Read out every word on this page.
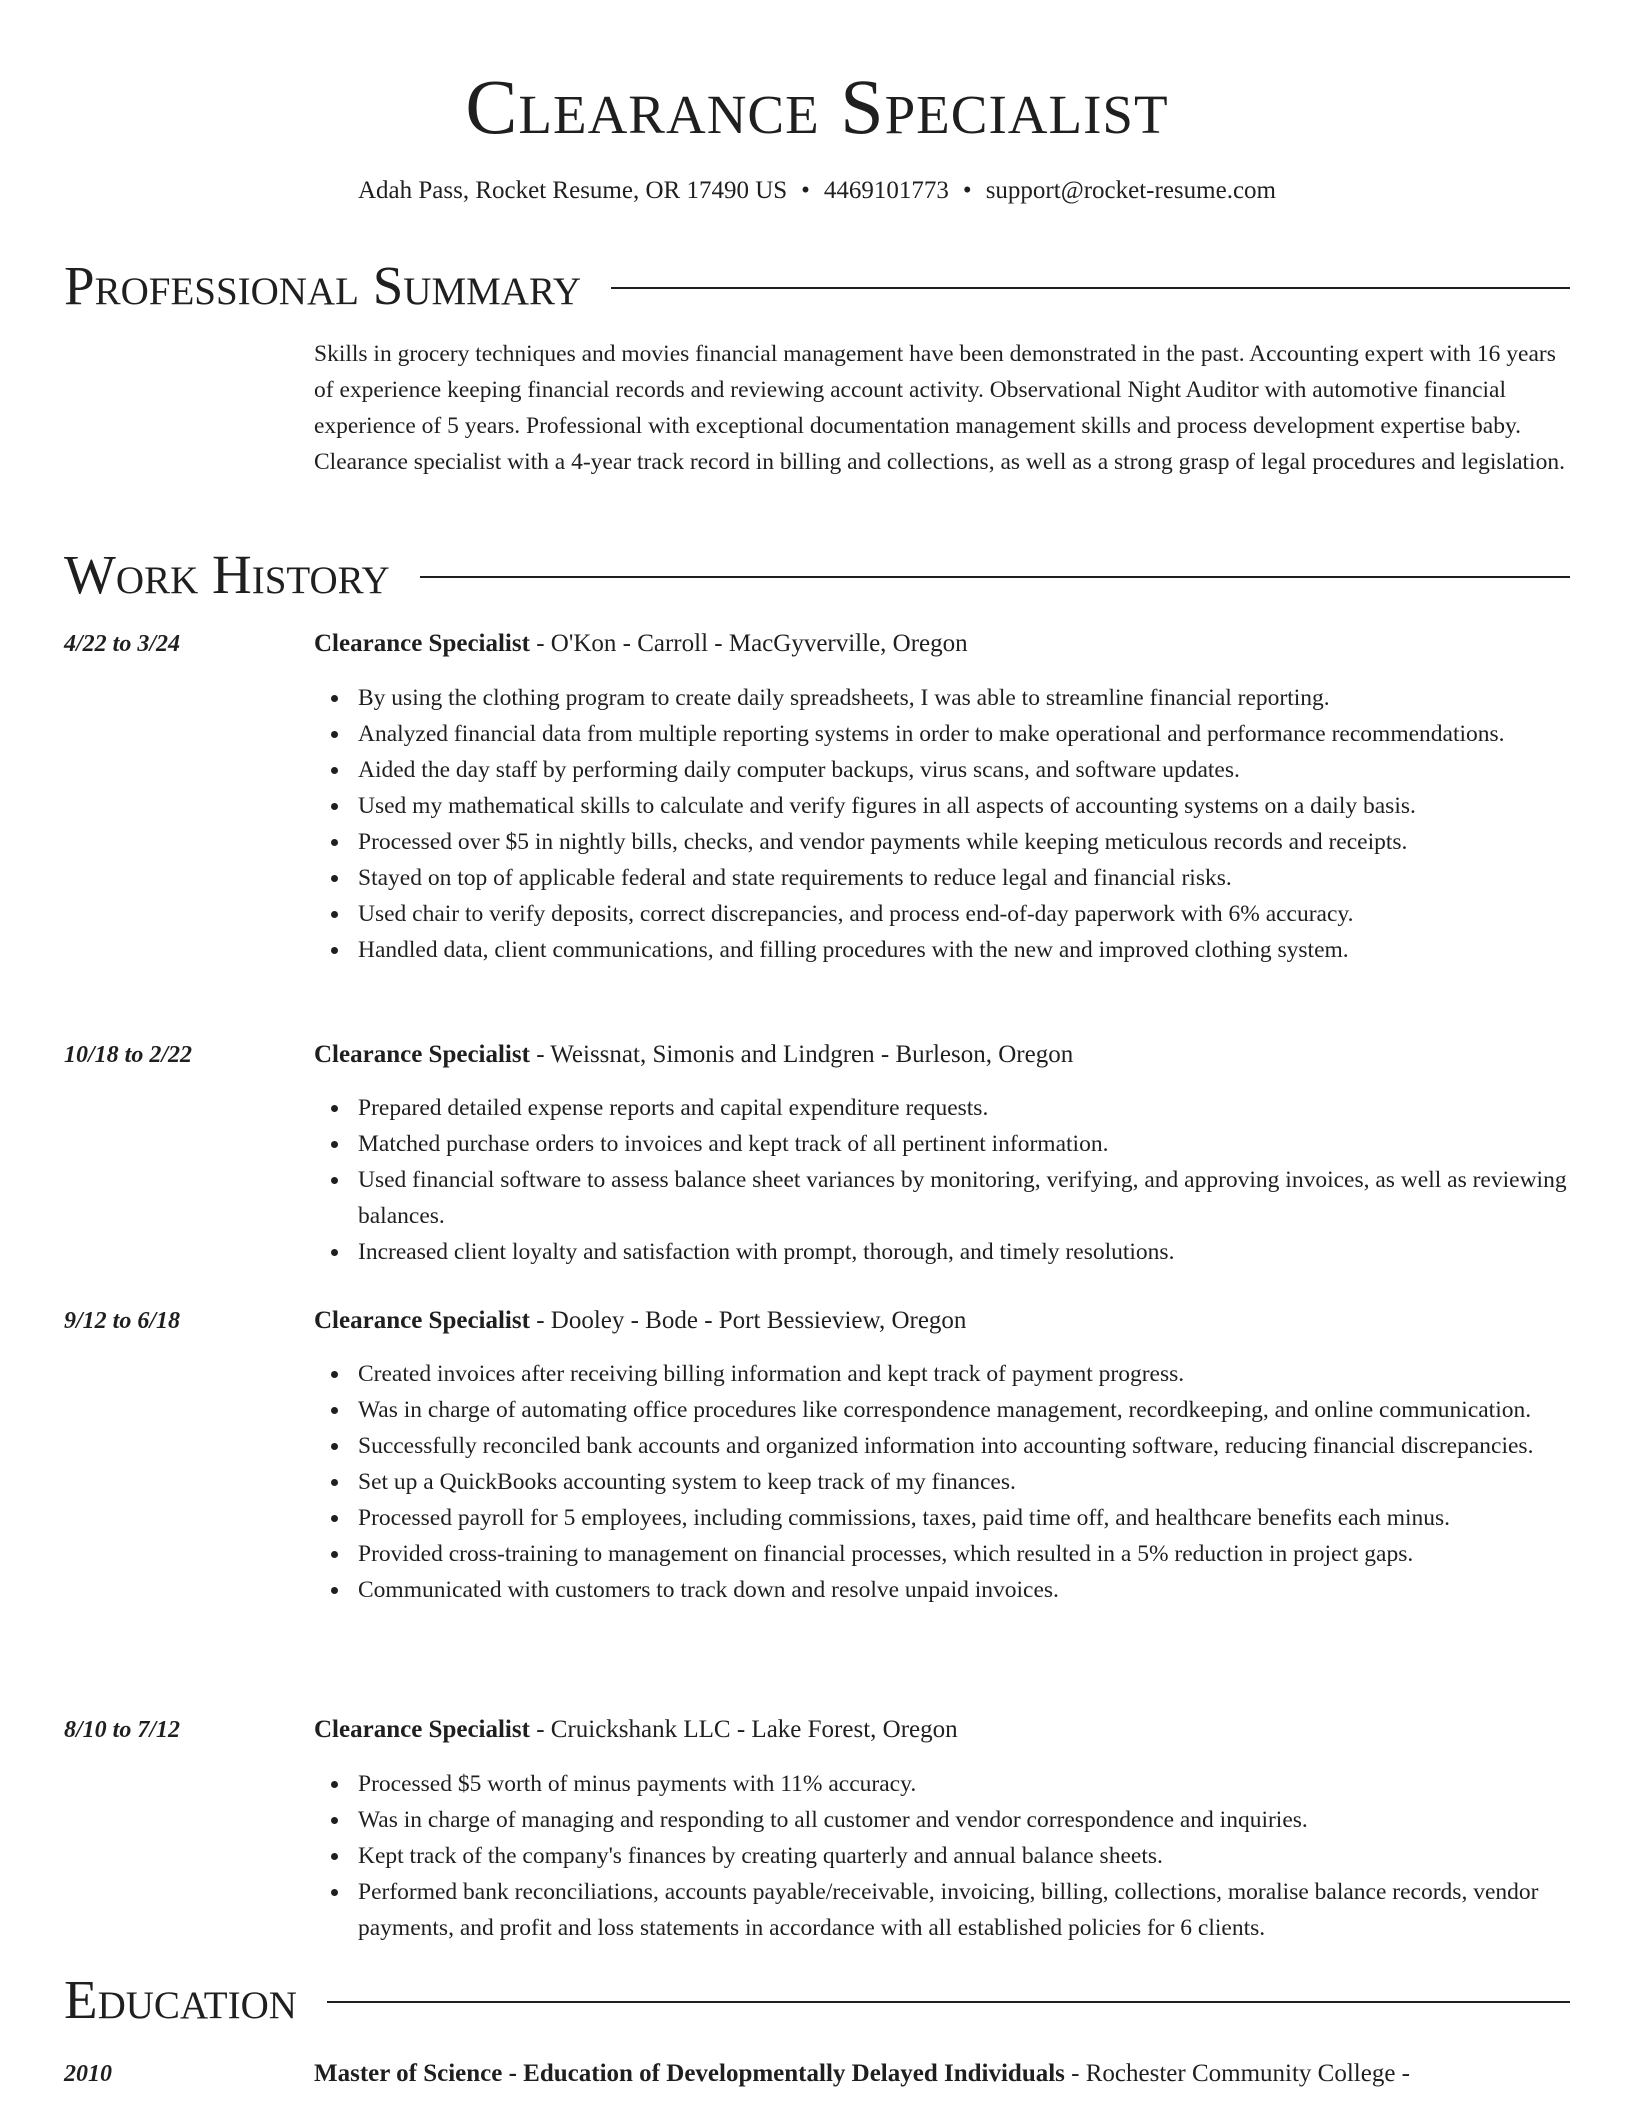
Clearance Specialist
Adah Pass, Rocket Resume, OR 17490 US • 4469101773 • support@rocket-resume.com
Professional Summary

Skills in grocery techniques and movies financial management have been demonstrated in the past. Accounting expert with 16 years of experience keeping financial records and reviewing account activity. Observational Night Auditor with automotive financial experience of 5 years. Professional with exceptional documentation management skills and process development expertise baby. Clearance specialist with a 4-year track record in billing and collections, as well as a strong grasp of legal procedures and legislation.

Work History
4/22 to 3/24	Clearance Specialist - O'Kon - Carroll - MacGyverville, Oregon
By using the clothing program to create daily spreadsheets, I was able to streamline financial reporting.
Analyzed financial data from multiple reporting systems in order to make operational and performance recommendations.
Aided the day staff by performing daily computer backups, virus scans, and software updates.
Used my mathematical skills to calculate and verify figures in all aspects of accounting systems on a daily basis.
Processed over $5 in nightly bills, checks, and vendor payments while keeping meticulous records and receipts.
Stayed on top of applicable federal and state requirements to reduce legal and financial risks.
Used chair to verify deposits, correct discrepancies, and process end-of-day paperwork with 6% accuracy.
Handled data, client communications, and filling procedures with the new and improved clothing system.
10/18 to 2/22	Clearance Specialist - Weissnat, Simonis and Lindgren - Burleson, Oregon
Prepared detailed expense reports and capital expenditure requests.
Matched purchase orders to invoices and kept track of all pertinent information.
Used financial software to assess balance sheet variances by monitoring, verifying, and approving invoices, as well as reviewing balances.
Increased client loyalty and satisfaction with prompt, thorough, and timely resolutions.
9/12 to 6/18	Clearance Specialist - Dooley - Bode - Port Bessieview, Oregon
Created invoices after receiving billing information and kept track of payment progress.
Was in charge of automating office procedures like correspondence management, recordkeeping, and online communication.
Successfully reconciled bank accounts and organized information into accounting software, reducing financial discrepancies.
Set up a QuickBooks accounting system to keep track of my finances.
Processed payroll for 5 employees, including commissions, taxes, paid time off, and healthcare benefits each minus.
Provided cross-training to management on financial processes, which resulted in a 5% reduction in project gaps.
Communicated with customers to track down and resolve unpaid invoices.
8/10 to 7/12	Clearance Specialist - Cruickshank LLC - Lake Forest, Oregon
Processed $5 worth of minus payments with 11% accuracy.
Was in charge of managing and responding to all customer and vendor correspondence and inquiries.
Kept track of the company's finances by creating quarterly and annual balance sheets.
Performed bank reconciliations, accounts payable/receivable, invoicing, billing, collections, moralise balance records, vendor payments, and profit and loss statements in accordance with all established policies for 6 clients.
Education
2010	Master of Science - Education of Developmentally Delayed Individuals - Rochester Community College -
